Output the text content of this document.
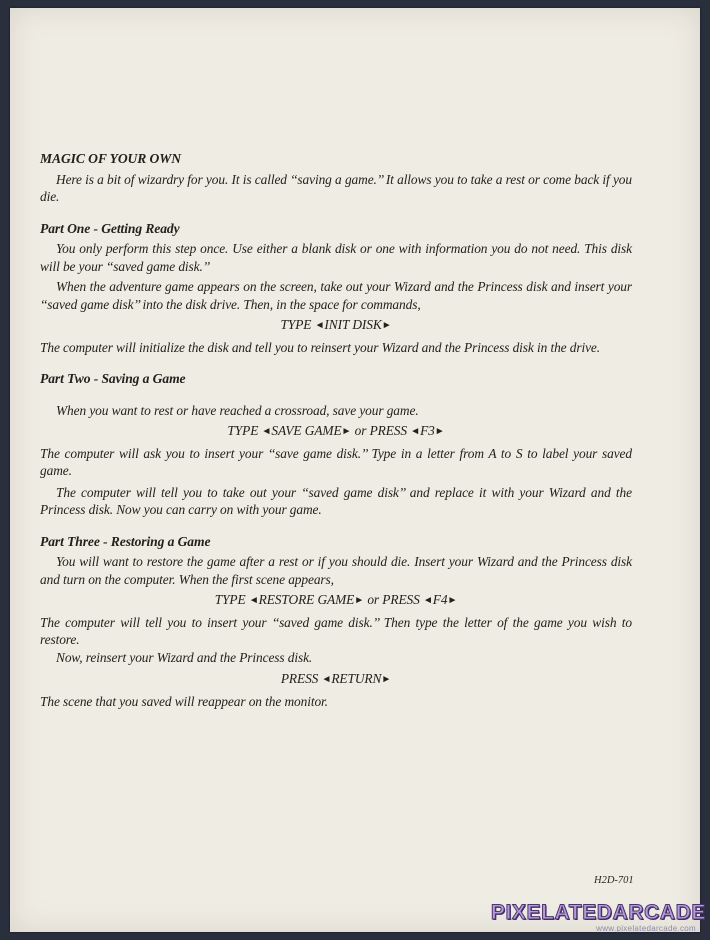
MAGIC OF YOUR OWN

Here is a bit of wizardry for you. It is called ‘‘saving a game.’’ It allows you to take a rest or come back if you die.

Part One - Getting Ready

You only perform this step once. Use either a blank disk or one with information you do not need. This disk will be your ‘‘saved game disk.’’

When the adventure game appears on the screen, take out your Wizard and the Princess disk and insert your ‘‘saved game disk’’ into the disk drive. Then, in the space for commands,

TYPE ◄INIT DISK►

The computer will initialize the disk and tell you to reinsert your Wizard and the Princess disk in the drive.

Part Two - Saving a Game

When you want to rest or have reached a crossroad, save your game.

TYPE ◄SAVE GAME► or PRESS ◄F3►

The computer will ask you to insert your ‘‘save game disk.’’ Type in a letter from A to S to label your saved game.

The computer will tell you to take out your ‘‘saved game disk’’ and replace it with your Wizard and the Princess disk. Now you can carry on with your game.

Part Three - Restoring a Game

You will want to restore the game after a rest or if you should die. Insert your Wizard and the Princess disk and turn on the computer. When the first scene appears,

TYPE ◄RESTORE GAME► or PRESS ◄F4►

The computer will tell you to insert your ‘‘saved game disk.’’ Then type the letter of the game you wish to restore.

Now, reinsert your Wizard and the Princess disk.

PRESS ◄RETURN►

The scene that you saved will reappear on the monitor.

H2D-701
PIXELATEDARCADE
www.pixelatedarcade.com
